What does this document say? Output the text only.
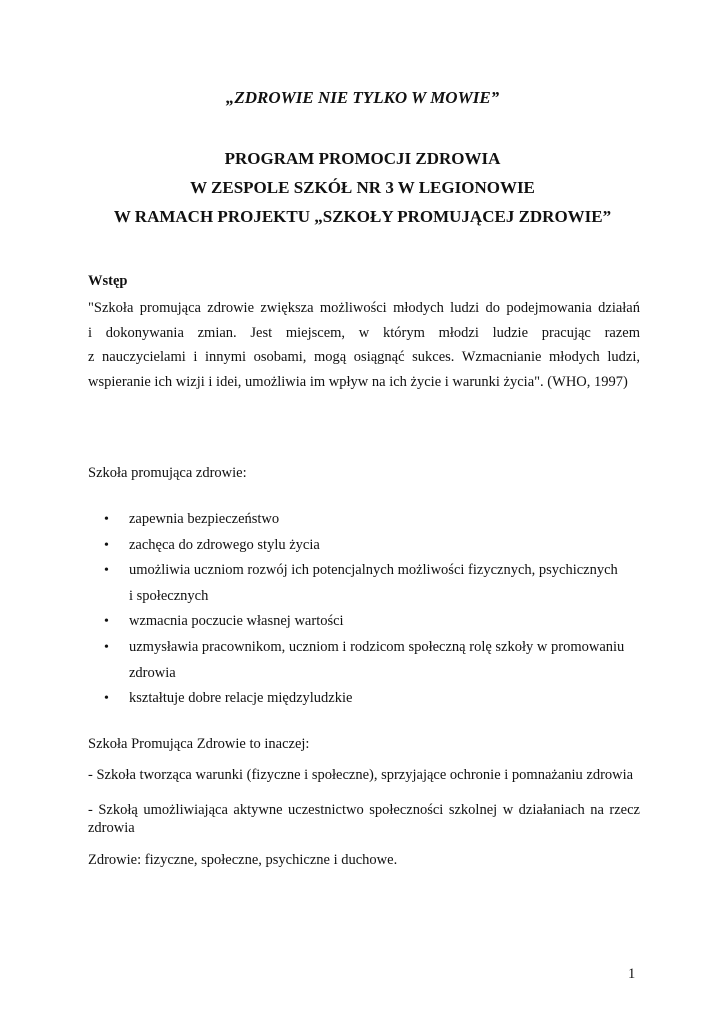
„ZDROWIE NIE TYLKO W MOWIE”
PROGRAM PROMOCJI ZDROWIA
W ZESPOLE SZKÓŁ NR 3 W LEGIONOWIE
W RAMACH PROJEKTU „SZKOŁY PROMUJĄCEJ ZDROWIE”
Wstęp
"Szkoła promująca zdrowie zwiększa możliwości młodych ludzi do podejmowania działań
i dokonywania zmian. Jest miejscem, w którym młodzi ludzie pracując razem
z nauczycielami i innymi osobami, mogą osiągnąć sukces. Wzmacnianie młodych ludzi,
wspieranie ich wizji i idei, umożliwia im wpływ na ich życie i warunki życia". (WHO, 1997)

Szkoła promująca zdrowie:

• zapewnia bezpieczeństwo
• zachęca do zdrowego stylu życia
• umożliwia uczniom rozwój ich potencjalnych możliwości fizycznych, psychicznych
i społecznych
• wzmacnia poczucie własnej wartości
• uzmysławia pracownikom, uczniom i rodzicom społeczną rolę szkoły w promowaniu
zdrowia
• kształtuje dobre relacje międzyludzkie

Szkoła Promująca Zdrowie to inaczej:

- Szkoła tworząca warunki (fizyczne i społeczne), sprzyjające ochronie i pomnażaniu zdrowia

- Szkołą umożliwiająca aktywne uczestnictwo społeczności szkolnej w działaniach na rzecz zdrowia

Zdrowie: fizyczne, społeczne, psychiczne i duchowe.

1
